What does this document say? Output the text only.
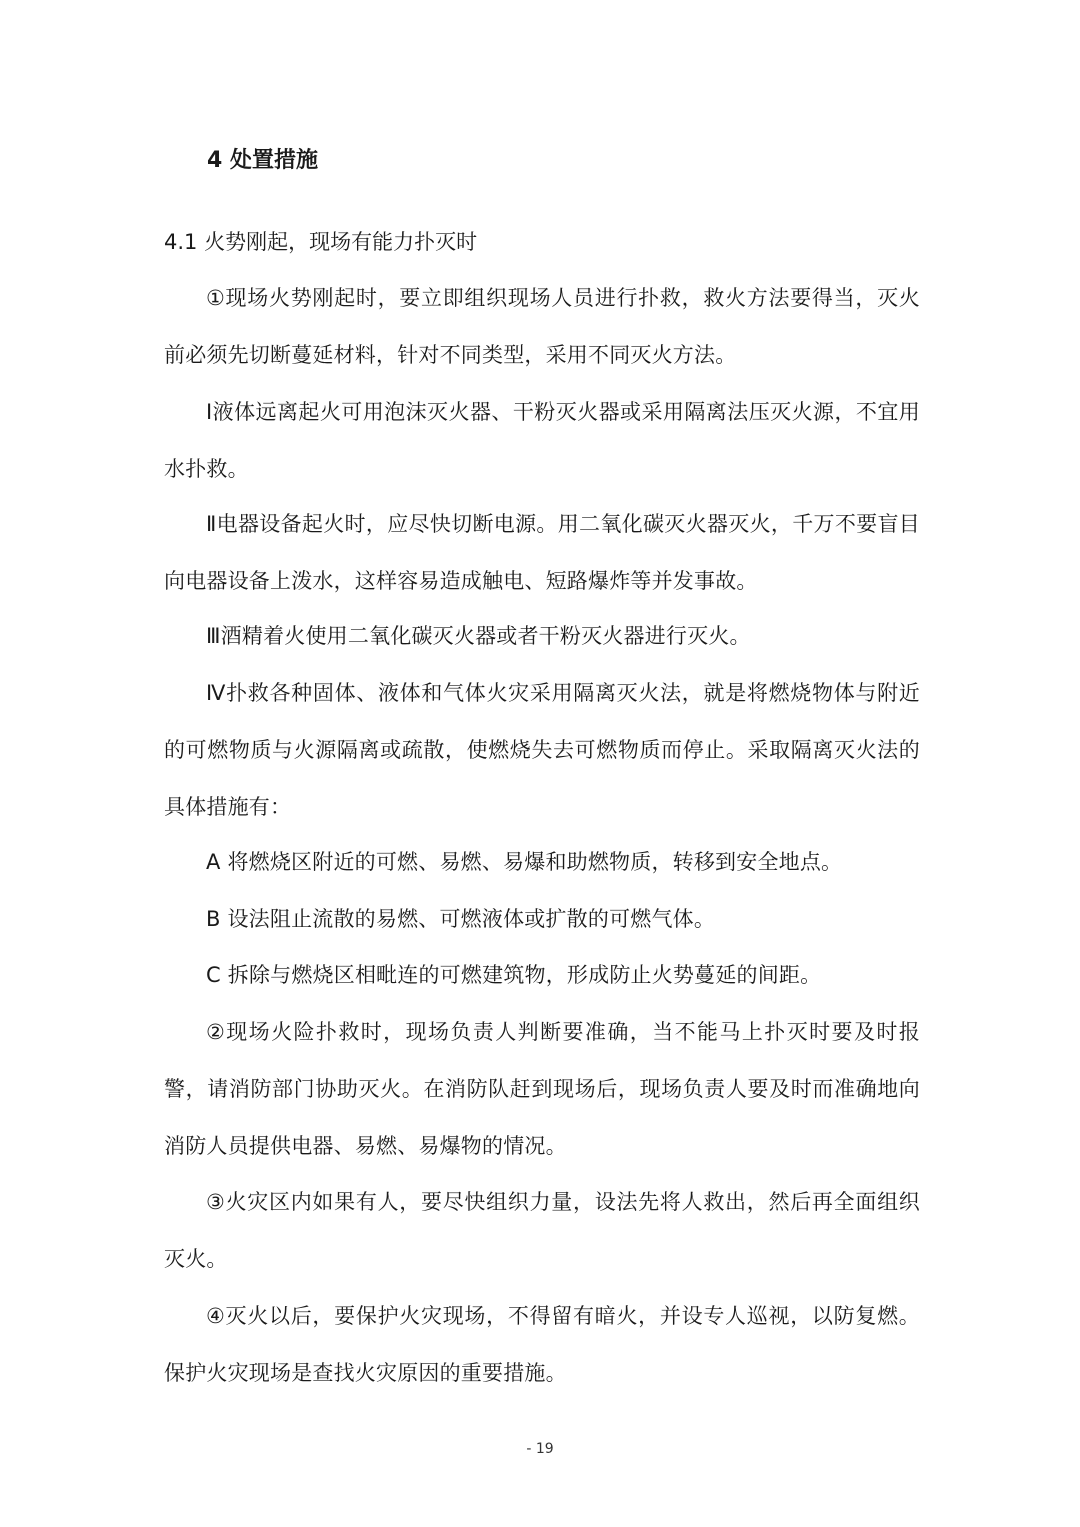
4 处置措施
4.1 火势刚起，现场有能力扑灭时

①现场火势刚起时，要立即组织现场人员进行扑救，救火方法要得当，灭火前必须先切断蔓延材料，针对不同类型，采用不同灭火方法。

Ⅰ液体远离起火可用泡沫灭火器、干粉灭火器或采用隔离法压灭火源，不宜用水扑救。

Ⅱ电器设备起火时，应尽快切断电源。用二氧化碳灭火器灭火，千万不要盲目向电器设备上泼水，这样容易造成触电、短路爆炸等并发事故。

Ⅲ酒精着火使用二氧化碳灭火器或者干粉灭火器进行灭火。

Ⅳ扑救各种固体、液体和气体火灾采用隔离灭火法，就是将燃烧物体与附近的可燃物质与火源隔离或疏散，使燃烧失去可燃物质而停止。采取隔离灭火法的具体措施有：

A 将燃烧区附近的可燃、易燃、易爆和助燃物质，转移到安全地点。

B 设法阻止流散的易燃、可燃液体或扩散的可燃气体。

C 拆除与燃烧区相毗连的可燃建筑物，形成防止火势蔓延的间距。

②现场火险扑救时，现场负责人判断要准确，当不能马上扑灭时要及时报警，请消防部门协助灭火。在消防队赶到现场后，现场负责人要及时而准确地向消防人员提供电器、易燃、易爆物的情况。

③火灾区内如果有人，要尽快组织力量，设法先将人救出，然后再全面组织灭火。

④灭火以后，要保护火灾现场，不得留有暗火，并设专人巡视，以防复燃。保护火灾现场是查找火灾原因的重要措施。

- 19
